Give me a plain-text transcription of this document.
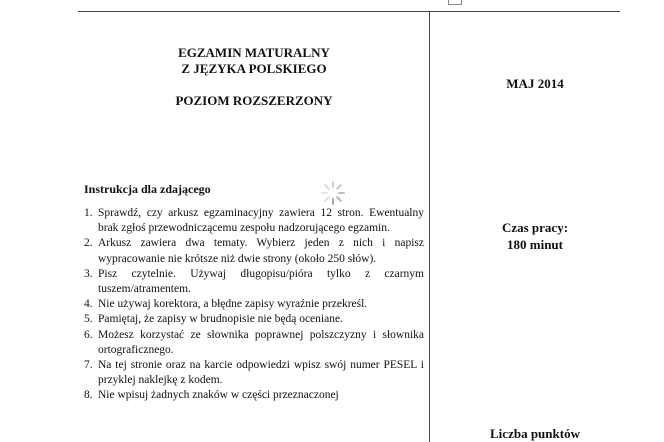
EGZAMIN MATURALNY
Z JĘZYKA POLSKIEGO
POZIOM ROZSZERZONY
MAJ 2014
Czas pracy:
180 minut
Liczba punktów
Instrukcja dla zdającego
1. Sprawdź, czy arkusz egzaminacyjny zawiera 12 stron. Ewentualny brak zgłoś przewodniczącemu zespołu nadzorującego egzamin.
2. Arkusz zawiera dwa tematy. Wybierz jeden z nich i napisz wypracowanie nie krótsze niż dwie strony (około 250 słów).
3. Pisz czytelnie. Używaj długopisu/pióra tylko z czarnym tuszem/atramentem.
4. Nie używaj korektora, a błędne zapisy wyraźnie przekreśl.
5. Pamiętaj, że zapisy w brudnopisie nie będą oceniane.
6. Możesz korzystać ze słownika poprawnej polszczyzny i słownika ortograficznego.
7. Na tej stronie oraz na karcie odpowiedzi wpisz swój numer PESEL i przyklej naklejkę z kodem.
8. Nie wpisuj żadnych znaków w części przeznaczonej
